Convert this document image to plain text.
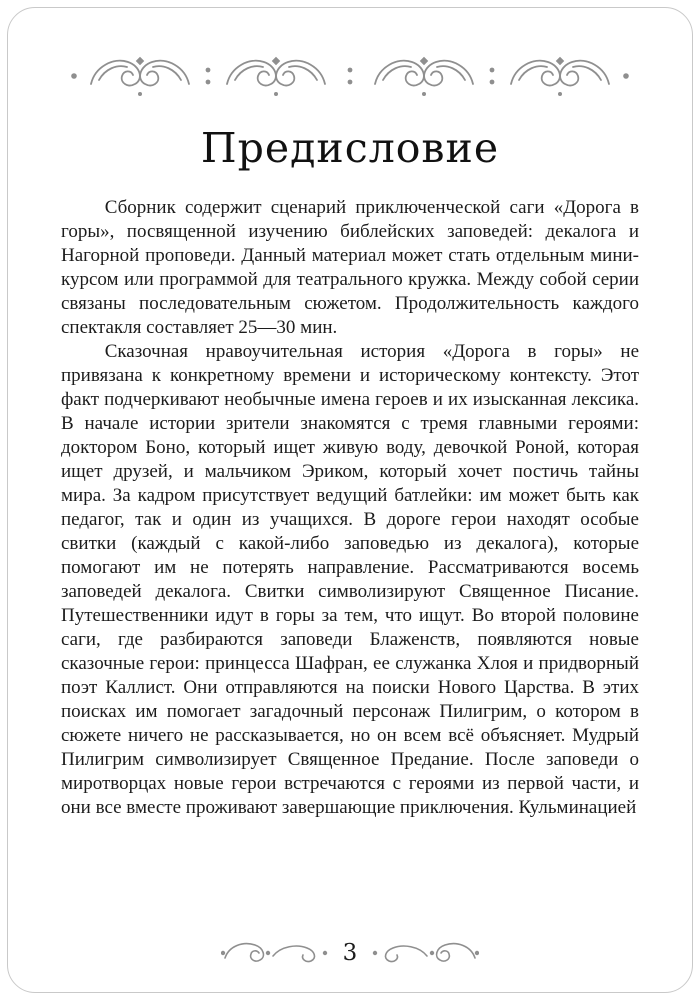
Предисловие

Сборник содержит сценарий приключенческой саги «Дорога в горы», посвященной изучению библейских заповедей: декалога и Нагорной проповеди. Данный материал может стать отдельным мини-курсом или программой для театрального кружка. Между собой серии связаны последовательным сюжетом. Продолжительность каждого спектакля составляет 25—30 мин.

Сказочная нравоучительная история «Дорога в горы» не привязана к конкретному времени и историческому контексту. Этот факт подчеркивают необычные имена героев и их изысканная лексика. В начале истории зрители знакомятся с тремя главными героями: доктором Боно, который ищет живую воду, девочкой Роной, которая ищет друзей, и мальчиком Эриком, который хочет постичь тайны мира. За кадром присутствует ведущий батлейки: им может быть как педагог, так и один из учащихся. В дороге герои находят особые свитки (каждый с какой-либо заповедью из декалога), которые помогают им не потерять направление. Рассматриваются восемь заповедей декалога. Свитки символизируют Священное Писание. Путешественники идут в горы за тем, что ищут. Во второй половине саги, где разбираются заповеди Блаженств, появляются новые сказочные герои: принцесса Шафран, ее служанка Хлоя и придворный поэт Каллист. Они отправляются на поиски Нового Царства. В этих поисках им помогает загадочный персонаж Пилигрим, о котором в сюжете ничего не рассказывается, но он всем всё объясняет. Мудрый Пилигрим символизирует Священное Предание. После заповеди о миротворцах новые герои встречаются с героями из первой части, и они все вместе проживают завершающие приключения. Кульминацией

3
